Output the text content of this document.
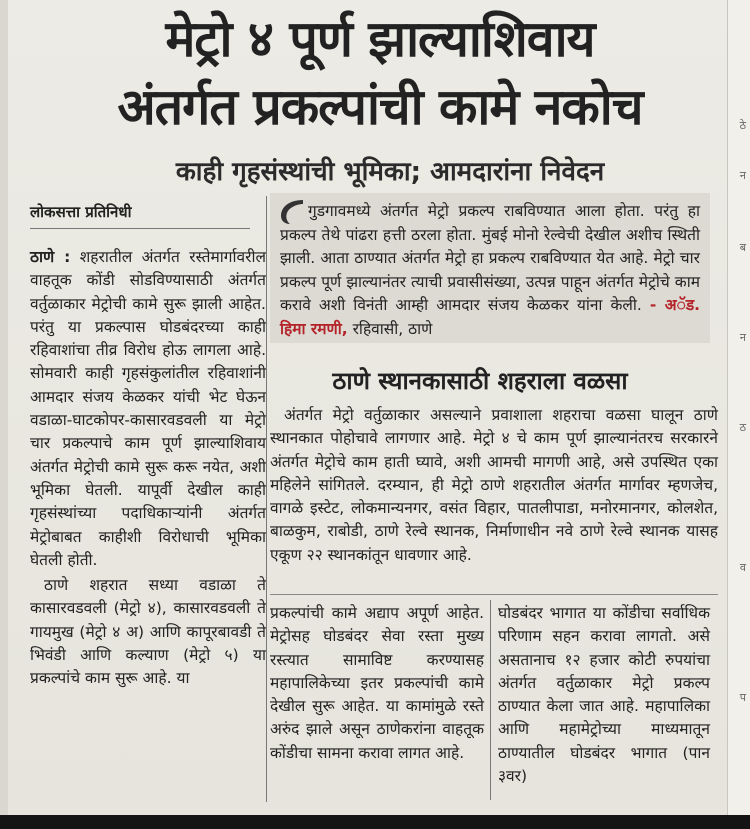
ठे
न
ब
न
ठ
व
प
मेट्रो ४ पूर्ण झाल्याशिवाय
अंतर्गत प्रकल्पांची कामे नकोच
काही गृहसंस्थांची भूमिका; आमदारांना निवेदन
लोकसत्ता प्रतिनिधी

ठाणे : शहरातील अंतर्गत रस्तेमार्गावरील वाहतूक कोंडी सोडविण्यासाठी अंतर्गत वर्तुळाकार मेट्रोची कामे सुरू झाली आहेत. परंतु या प्रकल्पास घोडबंदरच्या काही रहिवाशांचा तीव्र विरोध होऊ लागला आहे. सोमवारी काही गृहसंकुलांतील रहिवाशांनी आमदार संजय केळकर यांची भेट घेऊन वडाळा-घाटकोपर-कासारवडवली या मेट्रो चार प्रकल्पाचे काम पूर्ण झाल्याशिवाय अंतर्गत मेट्रोची कामे सुरू करू नयेत, अशी भूमिका घेतली. यापूर्वी देखील काही गृहसंस्थांच्या पदाधिकाऱ्यांनी अंतर्गत मेट्रोबाबत काहीशी विरोधाची भूमिका घेतली होती.

ठाणे शहरात सध्या वडाळा ते कासारवडवली (मेट्रो ४), कासारवडवली ते गायमुख (मेट्रो ४ अ) आणि कापूरबावडी ते भिवंडी आणि कल्याण (मेट्रो ५) या प्रकल्पांचे काम सुरू आहे. या

गुडगावमध्ये अंतर्गत मेट्रो प्रकल्प राबविण्यात आला होता. परंतु हा प्रकल्प तेथे पांढरा हत्ती ठरला होता. मुंबई मोनो रेल्वेची देखील अशीच स्थिती झाली. आता ठाण्यात अंतर्गत मेट्रो हा प्रकल्प राबविण्यात येत आहे. मेट्रो चार प्रकल्प पूर्ण झाल्यानंतर त्याची प्रवासीसंख्या, उत्पन्न पाहून अंतर्गत मेट्रोचे काम करावे अशी विनंती आम्ही आमदार संजय केळकर यांना केली. - अॅड. हिमा रमणी, रहिवासी, ठाणे
ठाणे स्थानकासाठी शहराला वळसा
अंतर्गत मेट्रो वर्तुळाकार असल्याने प्रवाशाला शहराचा वळसा घालून ठाणे स्थानकात पोहोचावे लागणार आहे. मेट्रो ४ चे काम पूर्ण झाल्यानंतरच सरकारने अंतर्गत मेट्रोचे काम हाती घ्यावे, अशी आमची मागणी आहे, असे उपस्थित एका महिलेने सांगितले. दरम्यान, ही मेट्रो ठाणे शहरातील अंतर्गत मार्गावर म्हणजेच, वागळे इस्टेट, लोकमान्यनगर, वसंत विहार, पातलीपाडा, मनोरमानगर, कोलशेत, बाळकुम, राबोडी, ठाणे रेल्वे स्थानक, निर्माणाधीन नवे ठाणे रेल्वे स्थानक यासह एकूण २२ स्थानकांतून धावणार आहे.
प्रकल्पांची कामे अद्याप अपूर्ण आहेत. मेट्रोसह घोडबंदर सेवा रस्ता मुख्य रस्त्यात सामाविष्ट करण्यासह महापालिकेच्या इतर प्रकल्पांची कामे देखील सुरू आहेत. या कामांमुळे रस्ते अरुंद झाले असून ठाणेकरांना वाहतूक कोंडीचा सामना करावा लागत आहे.
घोडबंदर भागात या कोंडीचा सर्वाधिक परिणाम सहन करावा लागतो. असे असतानाच १२ हजार कोटी रुपयांचा अंतर्गत वर्तुळाकार मेट्रो प्रकल्प ठाण्यात केला जात आहे. महापालिका आणि महामेट्रोच्या माध्यमातून ठाण्यातील घोडबंदर भागात (पान ३वर)
